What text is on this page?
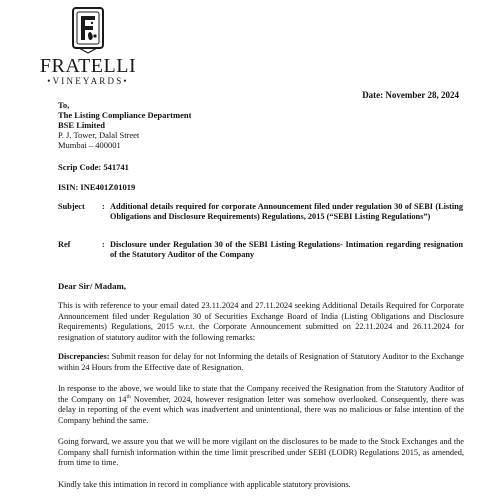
FRATELLI
•VINEYARDS•
Date: November 28, 2024
To,
The Listing Compliance Department
BSE Limited
P. J. Tower, Dalal Street
Mumbai – 400001
Scrip Code: 541741
ISIN: INE401Z01019
Subject	: Additional details required for corporate Announcement filed under regulation 30 of SEBI (Listing Obligations and Disclosure Requirements) Regulations, 2015 (“SEBI Listing Regulations”)
Ref	: Disclosure under Regulation 30 of the SEBI Listing Regulations- Intimation regarding resignation of the Statutory Auditor of the Company
Dear Sir/ Madam,

This is with reference to your email dated 23.11.2024 and 27.11.2024 seeking Additional Details Required for Corporate Announcement filed under Regulation 30 of Securities Exchange Board of India (Listing Obligations and Disclosure Requirements) Regulations, 2015 w.r.t. the Corporate Announcement submitted on 22.11.2024 and 26.11.2024 for resignation of statutory auditor with the following remarks:

Discrepancies: Submit reason for delay for not Informing the details of Resignation of Statutory Auditor to the Exchange within 24 Hours from the Effective date of Resignation.

In response to the above, we would like to state that the Company received the Resignation from the Statutory Auditor of the Company on 14th November, 2024, however resignation letter was somehow overlooked. Consequently, there was delay in reporting of the event which was inadvertent and unintentional, there was no malicious or false intention of the Company behind the same.

Going forward, we assure you that we will be more vigilant on the disclosures to be made to the Stock Exchanges and the Company shall furnish information within the time limit prescribed under SEBI (LODR) Regulations 2015, as amended, from time to time.

Kindly take this intimation in record in compliance with applicable statutory provisions.
